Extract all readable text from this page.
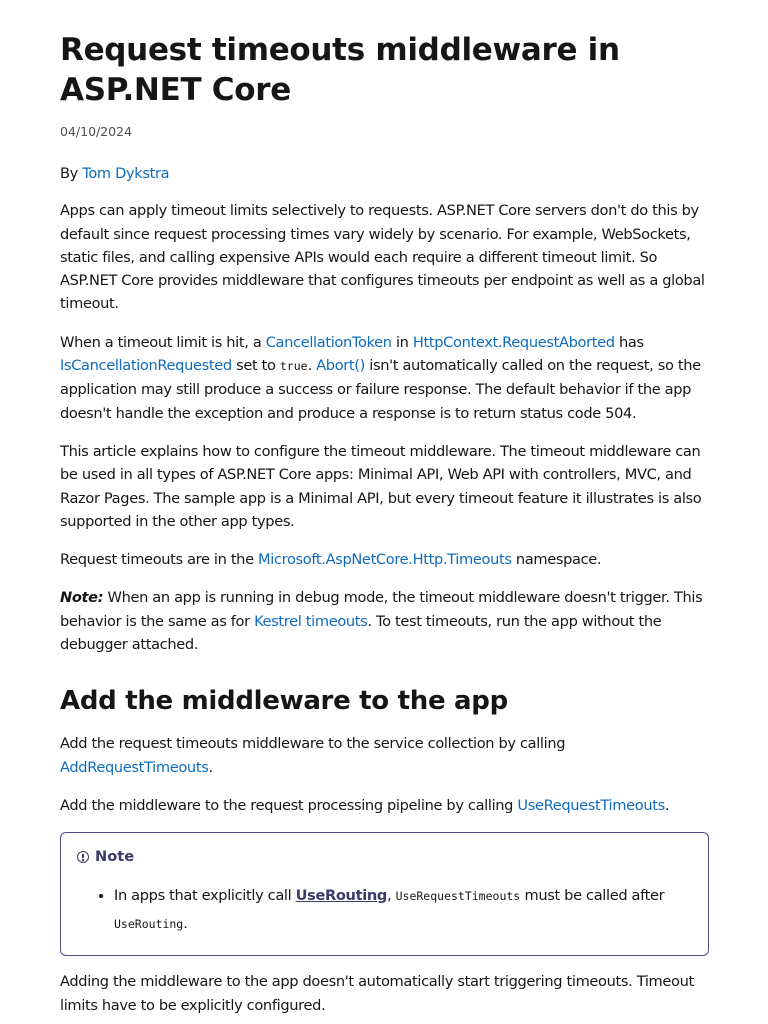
Request timeouts middleware in ASP.NET Core
04/10/2024

By Tom Dykstra

Apps can apply timeout limits selectively to requests. ASP.NET Core servers don't do this by default since request processing times vary widely by scenario. For example, WebSockets, static files, and calling expensive APIs would each require a different timeout limit. So ASP.NET Core provides middleware that configures timeouts per endpoint as well as a global timeout.

When a timeout limit is hit, a CancellationToken in HttpContext.RequestAborted has IsCancellationRequested set to true. Abort() isn't automatically called on the request, so the application may still produce a success or failure response. The default behavior if the app doesn't handle the exception and produce a response is to return status code 504.

This article explains how to configure the timeout middleware. The timeout middleware can be used in all types of ASP.NET Core apps: Minimal API, Web API with controllers, MVC, and Razor Pages. The sample app is a Minimal API, but every timeout feature it illustrates is also supported in the other app types.

Request timeouts are in the Microsoft.AspNetCore.Http.Timeouts namespace.

Note: When an app is running in debug mode, the timeout middleware doesn't trigger. This behavior is the same as for Kestrel timeouts. To test timeouts, run the app without the debugger attached.

Add the middleware to the app

Add the request timeouts middleware to the service collection by calling AddRequestTimeouts.

Add the middleware to the request processing pipeline by calling UseRequestTimeouts.

Note
• In apps that explicitly call UseRouting, UseRequestTimeouts must be called after UseRouting.

Adding the middleware to the app doesn't automatically start triggering timeouts. Timeout limits have to be explicitly configured.
